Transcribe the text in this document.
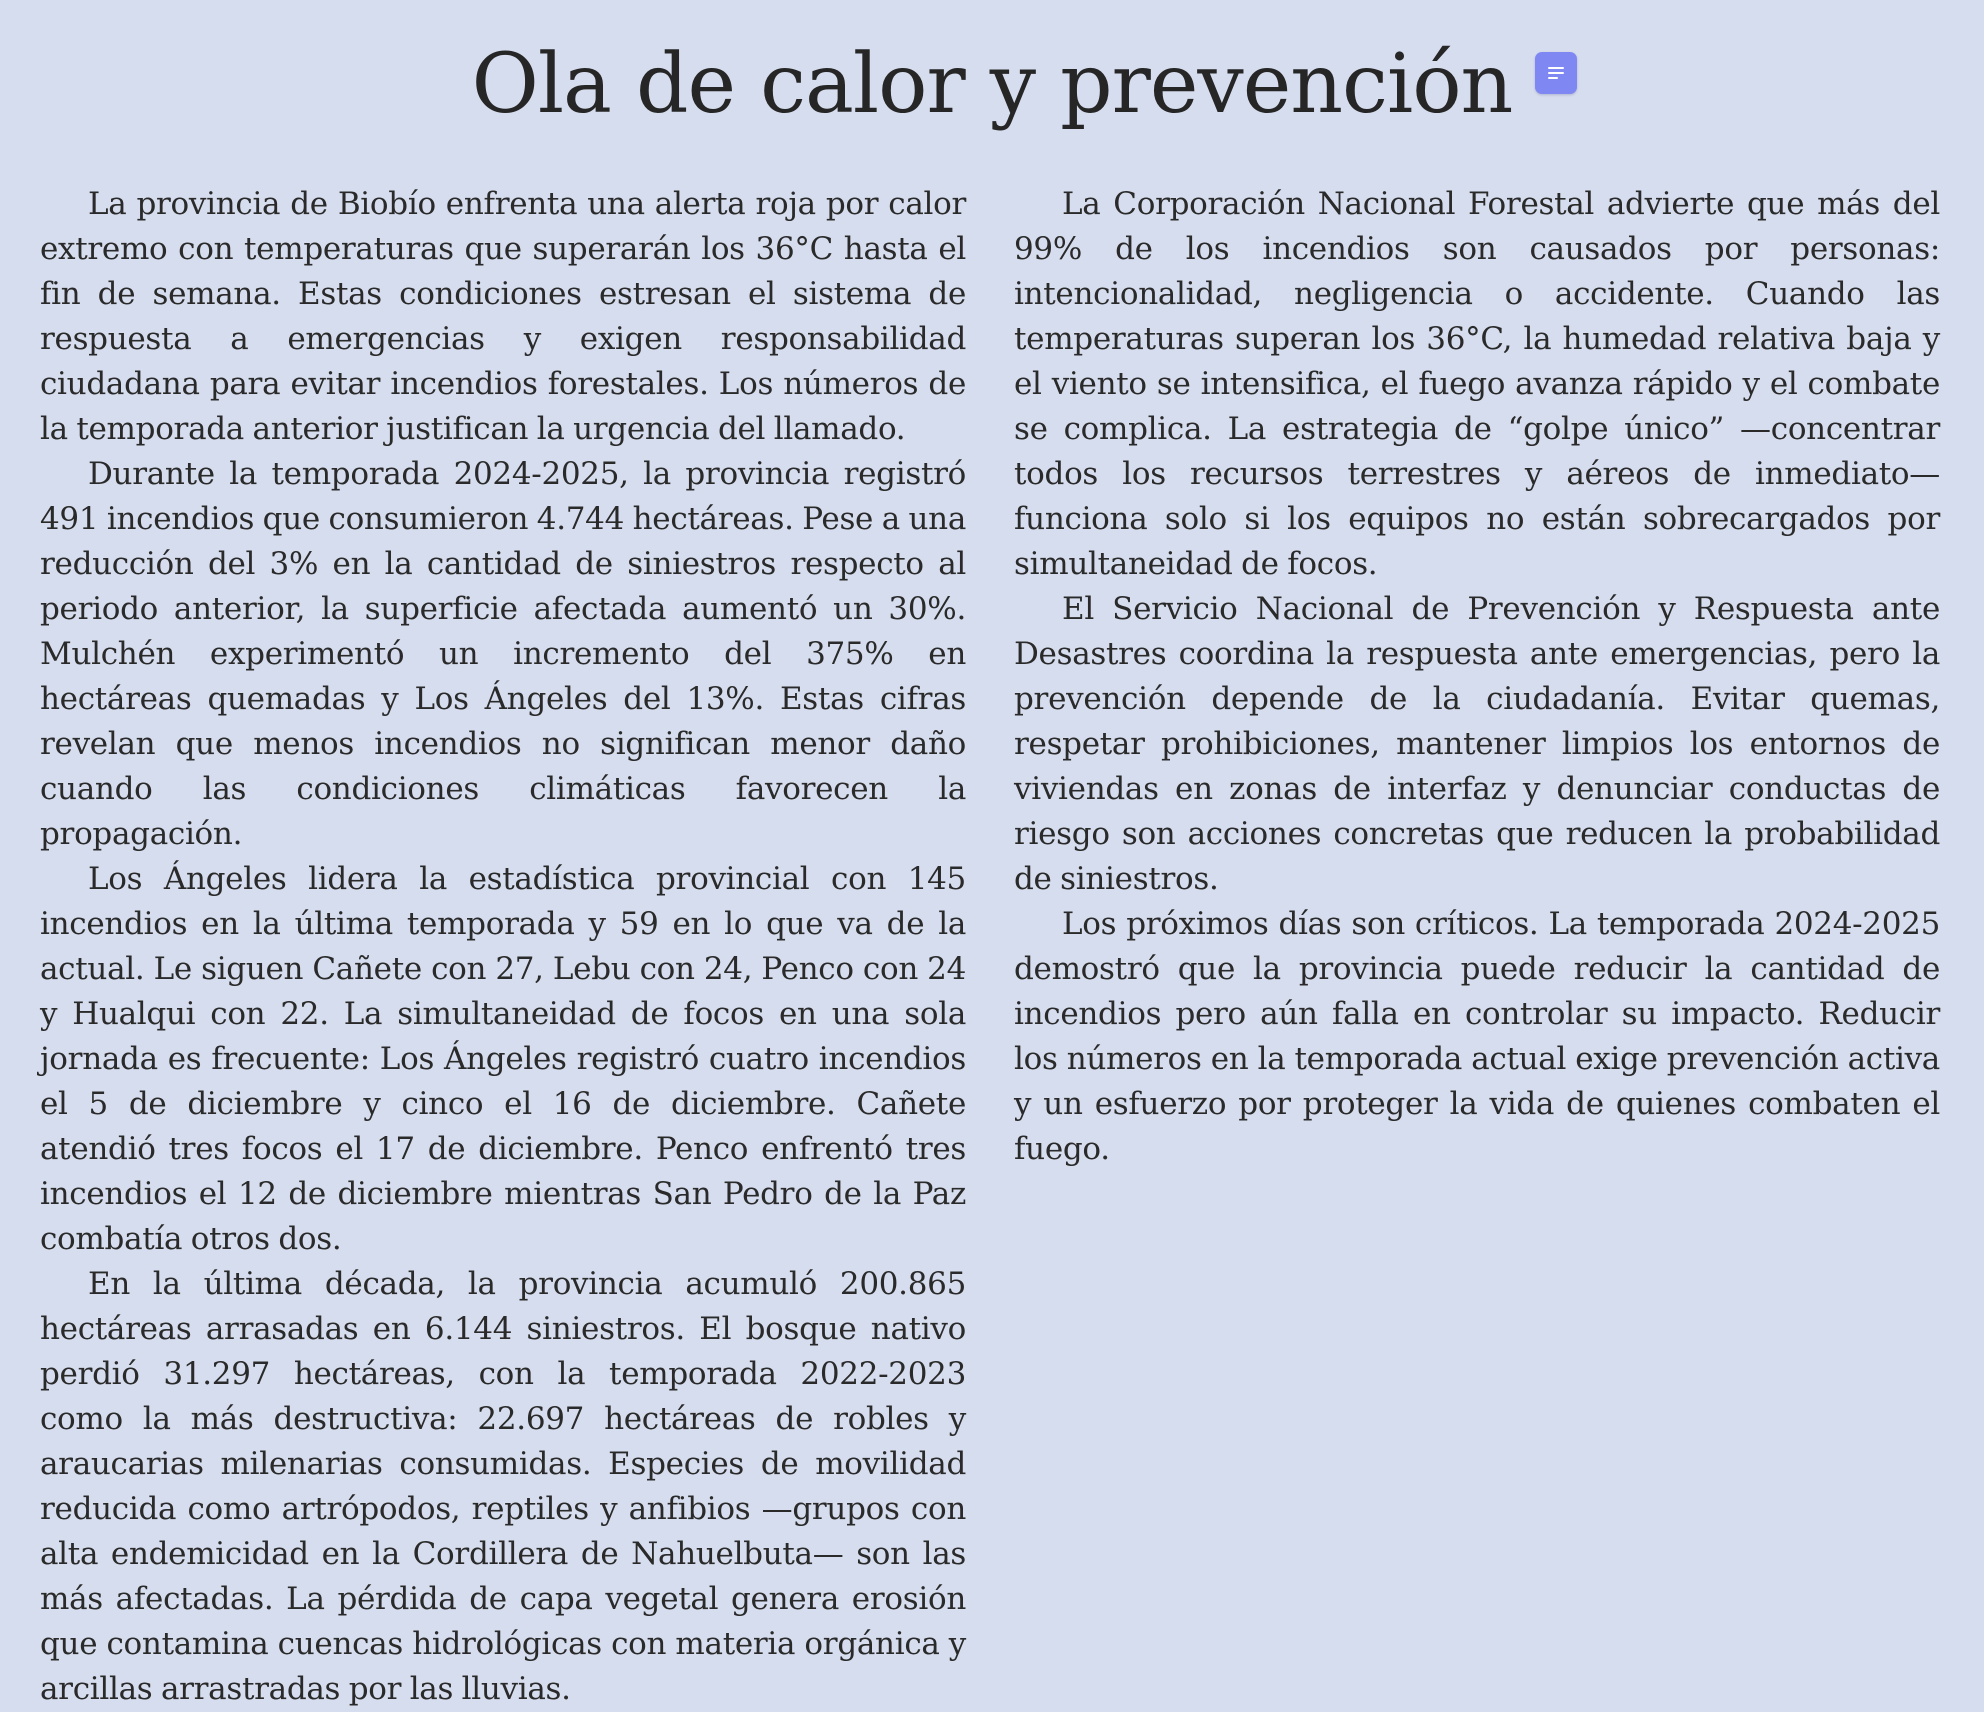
Ola de calor y prevención

La provincia de Biobío enfrenta una alerta roja por calor extremo con temperaturas que superarán los 36°C hasta el fin de semana. Estas condiciones estresan el sistema de respuesta a emergencias y exigen responsabilidad ciudadana para evitar incendios forestales. Los números de la temporada anterior justifican la urgencia del llamado.

Durante la temporada 2024-2025, la provincia registró 491 incendios que consumieron 4.744 hectáreas. Pese a una reducción del 3% en la cantidad de siniestros respecto al periodo anterior, la superficie afectada aumentó un 30%. Mulchén experimentó un incremento del 375% en hectáreas quemadas y Los Ángeles del 13%. Estas cifras revelan que menos incendios no significan menor daño cuando las condiciones climáticas favorecen la propagación.

Los Ángeles lidera la estadística provincial con 145 incendios en la última temporada y 59 en lo que va de la actual. Le siguen Cañete con 27, Lebu con 24, Penco con 24 y Hualqui con 22. La simultaneidad de focos en una sola jornada es frecuente: Los Ángeles registró cuatro incendios el 5 de diciembre y cinco el 16 de diciembre. Cañete atendió tres focos el 17 de diciembre. Penco enfrentó tres incendios el 12 de diciembre mientras San Pedro de la Paz combatía otros dos.

En la última década, la provincia acumuló 200.865 hectáreas arrasadas en 6.144 siniestros. El bosque nativo perdió 31.297 hectáreas, con la temporada 2022-2023 como la más destructiva: 22.697 hectáreas de robles y araucarias milenarias consumidas. Especies de movilidad reducida como artrópodos, reptiles y anfibios —grupos con alta endemicidad en la Cordillera de Nahuelbuta— son las más afectadas. La pérdida de capa vegetal genera erosión que contamina cuencas hidrológicas con materia orgánica y arcillas arrastradas por las lluvias.

La Corporación Nacional Forestal advierte que más del 99% de los incendios son causados por personas: intencionalidad, negligencia o accidente. Cuando las temperaturas superan los 36°C, la humedad relativa baja y el viento se intensifica, el fuego avanza rápido y el combate se complica. La estrategia de “golpe único” —concentrar todos los recursos terrestres y aéreos de inmediato— funciona solo si los equipos no están sobrecargados por simultaneidad de focos.

El Servicio Nacional de Prevención y Respuesta ante Desastres coordina la respuesta ante emergencias, pero la prevención depende de la ciudadanía. Evitar quemas, respetar prohibiciones, mantener limpios los entornos de viviendas en zonas de interfaz y denunciar conductas de riesgo son acciones concretas que reducen la probabilidad de siniestros.

Los próximos días son críticos. La temporada 2024-2025 demostró que la provincia puede reducir la cantidad de incendios pero aún falla en controlar su impacto. Reducir los números en la temporada actual exige prevención activa y un esfuerzo por proteger la vida de quienes combaten el fuego.
